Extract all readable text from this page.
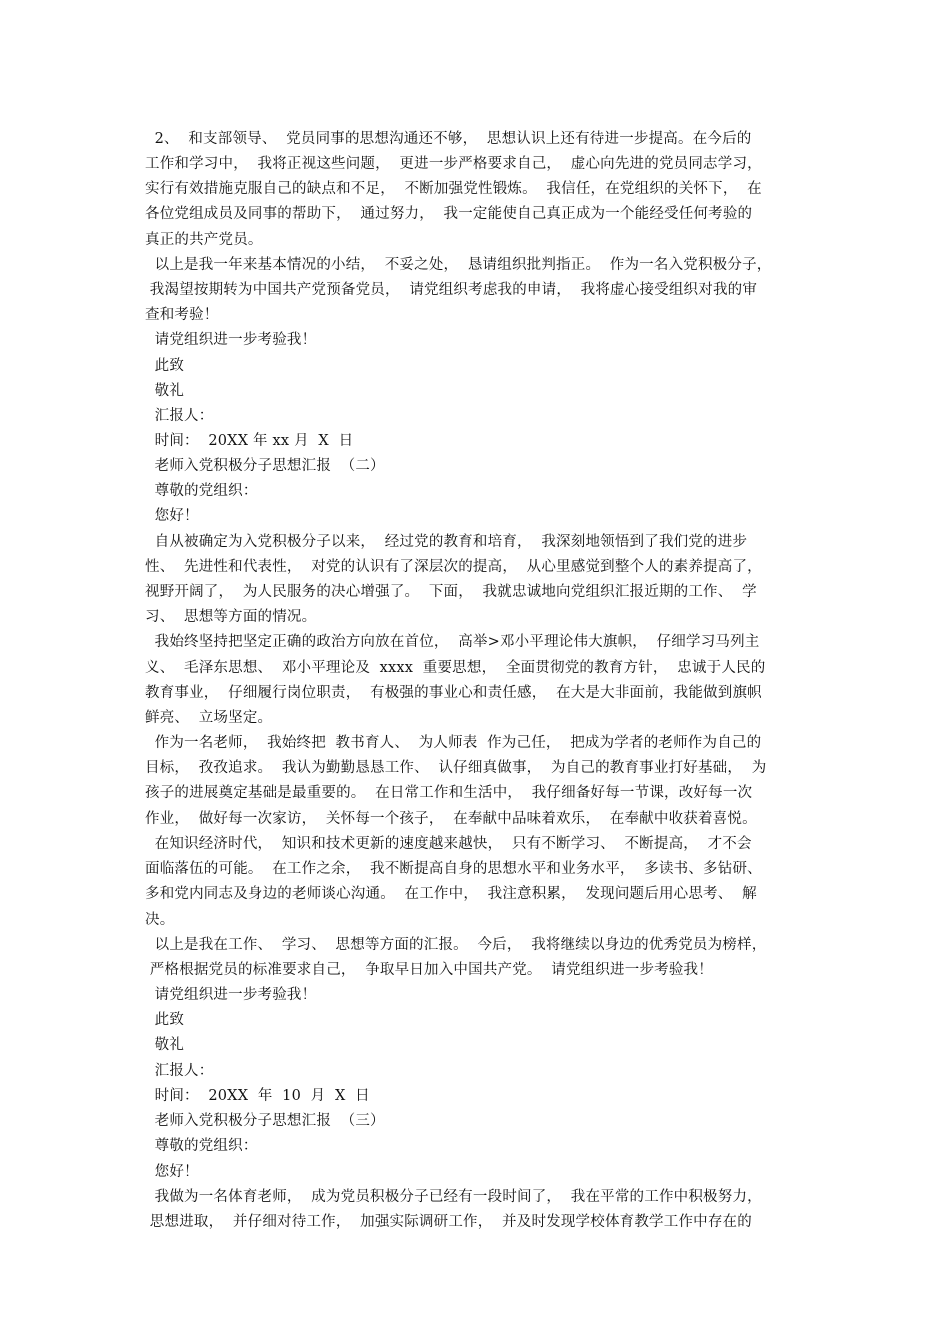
2、  和支部领导、  党员同事的思想沟通还不够，  思想认识上还有待进一步提高。在今后的
工作和学习中，  我将正视这些问题，  更进一步严格要求自己，  虚心向先进的党员同志学习，
实行有效措施克服自己的缺点和不足，  不断加强党性锻炼。  我信任，在党组织的关怀下，  在
各位党组成员及同事的帮助下，  通过努力，  我一定能使自己真正成为一个能经受任何考验的
真正的共产党员。
以上是我一年来基本情况的小结，  不妥之处，  恳请组织批判指正。  作为一名入党积极分子，
我渴望按期转为中国共产党预备党员，  请党组织考虑我的申请，  我将虚心接受组织对我的审
查和考验！
请党组织进一步考验我！
此致
敬礼
汇报人：
时间：  20XX 年 xx 月  X  日
老师入党积极分子思想汇报  （二）
尊敬的党组织：
您好！
自从被确定为入党积极分子以来，  经过党的教育和培育，  我深刻地领悟到了我们党的进步
性、  先进性和代表性，  对党的认识有了深层次的提高，  从心里感觉到整个人的素养提高了，
视野开阔了，  为人民服务的决心增强了。  下面，  我就忠诚地向党组织汇报近期的工作、  学
习、  思想等方面的情况。
我始终坚持把坚定正确的政治方向放在首位，  高举>邓小平理论伟大旗帜，  仔细学习马列主
义、  毛泽东思想、  邓小平理论及  xxxx  重要思想，  全面贯彻党的教育方针，  忠诚于人民的
教育事业，  仔细履行岗位职责，  有极强的事业心和责任感，  在大是大非面前，我能做到旗帜
鲜亮、  立场坚定。
作为一名老师，  我始终把  教书育人、  为人师表  作为己任，  把成为学者的老师作为自己的
目标，  孜孜追求。  我认为勤勤恳恳工作、  认仔细真做事，  为自己的教育事业打好基础，  为
孩子的进展奠定基础是最重要的。  在日常工作和生活中，  我仔细备好每一节课，改好每一次
作业，  做好每一次家访，  关怀每一个孩子，  在奉献中品味着欢乐，  在奉献中收获着喜悦。
在知识经济时代，  知识和技术更新的速度越来越快，  只有不断学习、  不断提高，  才不会
面临落伍的可能。  在工作之余，  我不断提高自身的思想水平和业务水平，  多读书、多钻研、
多和党内同志及身边的老师谈心沟通。  在工作中，  我注意积累，  发现问题后用心思考、  解
决。
以上是我在工作、  学习、  思想等方面的汇报。  今后，  我将继续以身边的优秀党员为榜样，
严格根据党员的标准要求自己，  争取早日加入中国共产党。  请党组织进一步考验我！
请党组织进一步考验我！
此致
敬礼
汇报人：
时间：  20XX  年  10  月  X  日
老师入党积极分子思想汇报  （三）
尊敬的党组织：
您好！
我做为一名体育老师，  成为党员积极分子已经有一段时间了，  我在平常的工作中积极努力，
思想进取，  并仔细对待工作，  加强实际调研工作，  并及时发现学校体育教学工作中存在的
